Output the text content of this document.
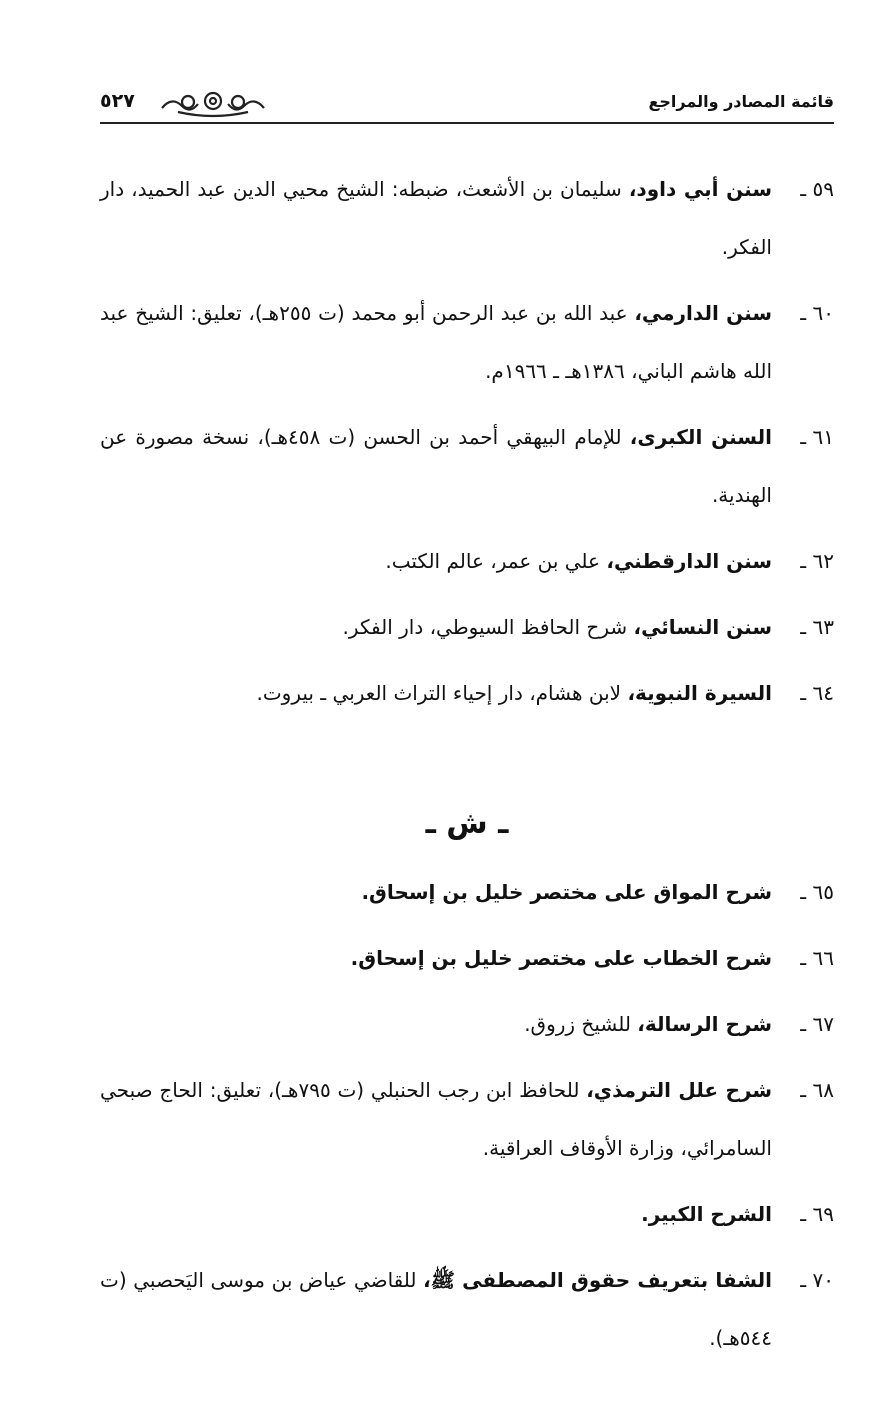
قائمة المصادر والمراجع
٥٢٧
٥٩ ـ
سنن أبي داود، سليمان بن الأشعث، ضبطه: الشيخ محيي الدين عبد الحميد، دار الفكر.
٦٠ ـ
سنن الدارمي، عبد الله بن عبد الرحمن أبو محمد (ت ٢٥٥هـ)، تعليق: الشيخ عبد الله هاشم الباني، ١٣٨٦هـ ـ ١٩٦٦م.
٦١ ـ
السنن الكبرى، للإمام البيهقي أحمد بن الحسن (ت ٤٥٨هـ)، نسخة مصورة عن الهندية.
٦٢ ـ
سنن الدارقطني، علي بن عمر، عالم الكتب.
٦٣ ـ
سنن النسائي، شرح الحافظ السيوطي، دار الفكر.
٦٤ ـ
السيرة النبوية، لابن هشام، دار إحياء التراث العربي ـ بيروت.
ـ ش ـ
٦٥ ـ
شرح المواق على مختصر خليل بن إسحاق.
٦٦ ـ
شرح الخطاب على مختصر خليل بن إسحاق.
٦٧ ـ
شرح الرسالة، للشيخ زروق.
٦٨ ـ
شرح علل الترمذي، للحافظ ابن رجب الحنبلي (ت ٧٩٥هـ)، تعليق: الحاج صبحي السامرائي، وزارة الأوقاف العراقية.
٦٩ ـ
الشرح الكبير.
٧٠ ـ
الشفا بتعريف حقوق المصطفى ﷺ، للقاضي عياض بن موسى اليَحصبي (ت ٥٤٤هـ).
